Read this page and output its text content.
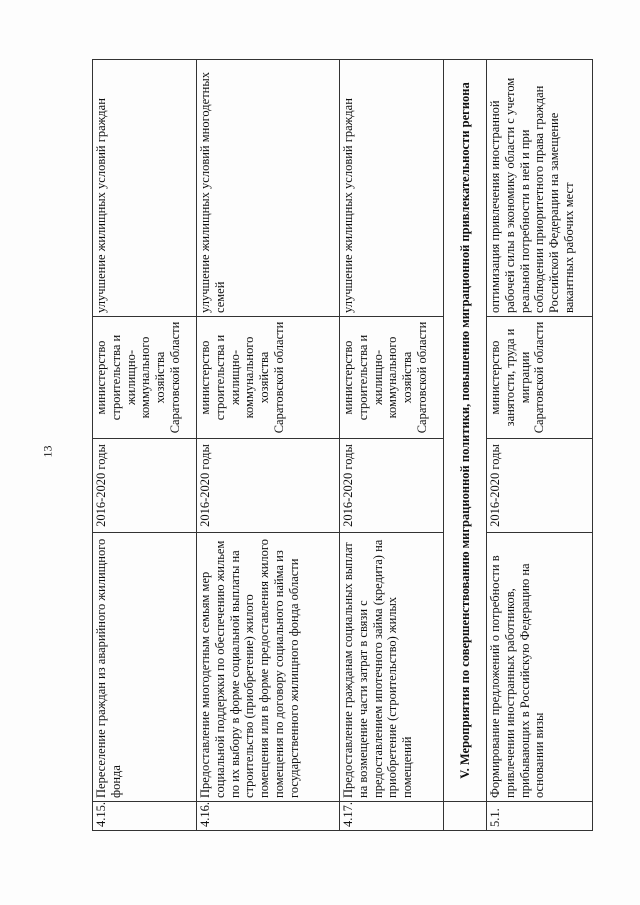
13
4.15.	Переселение граждан из аварийного жилищного фонда	2016-2020 годы	министерство строительства и жилищно-коммунального хозяйства Саратовской области	улучшение жилищных условий граждан
4.16.	Предоставление многодетным семьям мер социальной поддержки по обеспечению жильем по их выбору в форме социальной выплаты на строительство (приобретение) жилого помещения или в форме предоставления жилого помещения по договору социального найма из государственного жилищного фонда области	2016-2020 годы	министерство строительства и жилищно-коммунального хозяйства Саратовской области	улучшение жилищных условий многодетных семей
4.17.	Предоставление гражданам социальных выплат на возмещение части затрат в связи с предоставлением ипотечного займа (кредита) на приобретение (строительство) жилых помещений	2016-2020 годы	министерство строительства и жилищно-коммунального хозяйства Саратовской области	улучшение жилищных условий граждан
	V. Мероприятия по совершенствованию миграционной политики, повышению миграционной привлекательности региона			
5.1.	Формирование предложений о потребности в привлечении иностранных работников, прибывающих в Российскую Федерацию на основании визы	2016-2020 годы	министерство занятости, труда и миграции Саратовской области	оптимизация привлечения иностранной рабочей силы в экономику области с учетом реальной потребности в ней и при соблюдении приоритетного права граждан Российской Федерации на замещение вакантных рабочих мест
